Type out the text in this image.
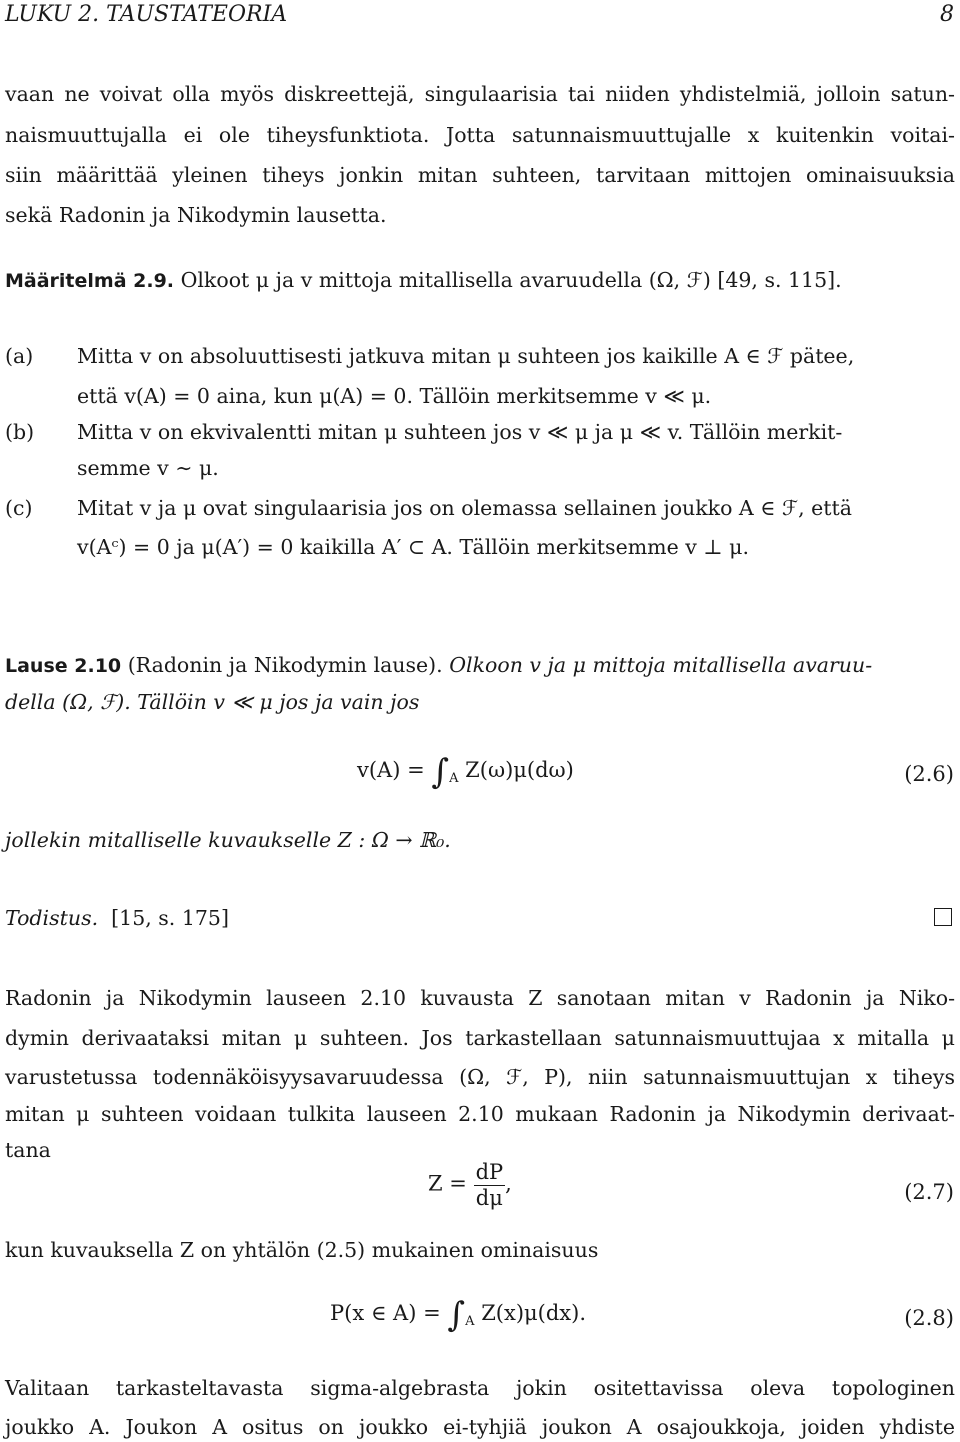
LUKU 2. TAUSTATEORIA	8
vaan ne voivat olla myös diskreettejä, singulaarisia tai niiden yhdistelmiä, jolloin satun-
naismuuttujalla ei ole tiheysfunktiota. Jotta satunnaismuuttujalle x kuitenkin voitai-
siin määrittää yleinen tiheys jonkin mitan suhteen, tarvitaan mittojen ominaisuuksia
sekä Radonin ja Nikodymin lausetta.
Määritelmä 2.9. Olkoot μ ja v mittoja mitallisella avaruudella (Ω, ℱ) [49, s. 115].
(a) Mitta v on absoluuttisesti jatkuva mitan μ suhteen jos kaikille A ∈ ℱ pätee,
että v(A) = 0 aina, kun μ(A) = 0. Tällöin merkitsemme v ≪ μ.
(b) Mitta v on ekvivalentti mitan μ suhteen jos v ≪ μ ja μ ≪ v. Tällöin merkit-
semme v ∼ μ.
(c) Mitat v ja μ ovat singulaarisia jos on olemassa sellainen joukko A ∈ ℱ, että
v(Aᶜ) = 0 ja μ(A′) = 0 kaikilla A′ ⊂ A. Tällöin merkitsemme v ⊥ μ.
Lause 2.10 (Radonin ja Nikodymin lause). Olkoon v ja μ mittoja mitallisella avaruu-
della (Ω, ℱ). Tällöin v ≪ μ jos ja vain jos
$v(A) = \int_A$ Z(ω)μ(dω)	(2.6)
jollekin mitalliselle kuvaukselle Z : Ω → ℝ₀.
Todistus. [15, s. 175]
Radonin ja Nikodymin lauseen 2.10 kuvausta Z sanotaan mitan v Radonin ja Niko-
dymin derivaataksi mitan μ suhteen. Jos tarkastellaan satunnaismuuttujaa x mitalla μ
varustetussa todennäköisyysavaruudessa (Ω, ℱ, P), niin satunnaismuuttujan x tiheys
mitan μ suhteen voidaan tulkita lauseen 2.10 mukaan Radonin ja Nikodymin derivaat-
tana
$Z = \frac{dP}{d\mu}$ ,	(2.7)
kun kuvauksella Z on yhtälön (2.5) mukainen ominaisuus
P(x ∈ $A) = \int_A$ Z(x)μ(dx).	(2.8)
Valitaan tarkasteltavasta sigma-algebrasta jokin ositettavissa oleva topologinen
joukko A. Joukon A ositus on joukko ei-tyhjiä joukon A osajoukkoja, joiden yhdiste
